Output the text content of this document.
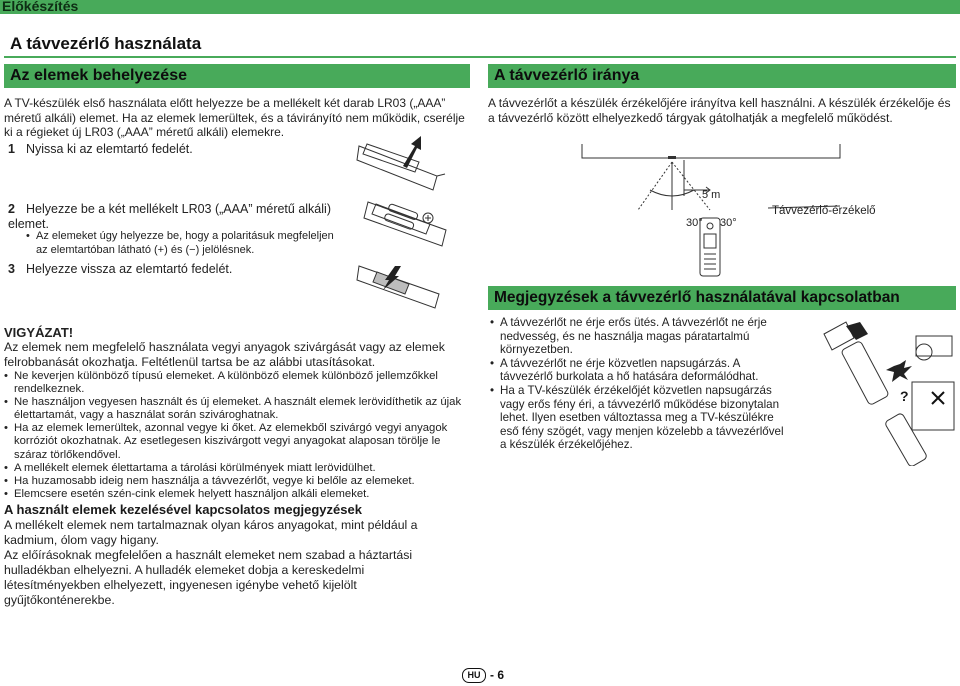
Előkészítés
A távvezérlő használata
Az elemek behelyezése
A TV-készülék első használata előtt helyezze be a mellékelt két darab LR03 („AAA” méretű alkáli) elemet. Ha az elemek lemerültek, és a távirányító nem működik, cserélje ki a régieket új LR03 („AAA” méretű alkáli) elemekre.
1 Nyissa ki az elemtartó fedelét.
2 Helyezze be a két mellékelt LR03 („AAA” méretű alkáli) elemet.
• Az elemeket úgy helyezze be, hogy a polaritásuk megfeleljen az elemtartóban látható (+) és (−) jelölésnek.
3 Helyezze vissza az elemtartó fedelét.
VIGYÁZAT!
Az elemek nem megfelelő használata vegyi anyagok szivárgását vagy az elemek felrobbanását okozhatja. Feltétlenül tartsa be az alábbi utasításokat.
• Ne keverjen különböző típusú elemeket. A különböző elemek különböző jellemzőkkel rendelkeznek.
• Ne használjon vegyesen használt és új elemeket. A használt elemek lerövidíthetik az újak élettartamát, vagy a használat során szivároghatnak.
• Ha az elemek lemerültek, azonnal vegye ki őket. Az elemekből szivárgó vegyi anyagok korróziót okozhatnak. Az esetlegesen kiszivárgott vegyi anyagokat alaposan törölje le száraz törlőkendővel.
• A mellékelt elemek élettartama a tárolási körülmények miatt lerövidülhet.
• Ha huzamosabb ideig nem használja a távvezérlőt, vegye ki belőle az elemeket.
• Elemcsere esetén szén-cink elemek helyett használjon alkáli elemeket.
A használt elemek kezelésével kapcsolatos megjegyzések
A mellékelt elemek nem tartalmaznak olyan káros anyagokat, mint például a kadmium, ólom vagy higany.
Az előírásoknak megfelelően a használt elemeket nem szabad a háztartási hulladékban elhelyezni. A hulladék elemeket dobja a kereskedelmi létesítményekben elhelyezett, ingyenesen igénybe vehető kijelölt gyűjtőkonténerekbe.
A távvezérlő iránya
A távvezérlőt a készülék érzékelőjére irányítva kell használni. A készülék érzékelője és a távvezérlő között elhelyezkedő tárgyak gátolhatják a megfelelő működést.
5 m
30° 30°
Távvezérlő-érzékelő
Megjegyzések a távvezérlő használatával kapcsolatban
• A távvezérlőt ne érje erős ütés. A távvezérlőt ne érje nedvesség, és ne használja magas páratartalmú környezetben.
• A távvezérlőt ne érje közvetlen napsugárzás. A távvezérlő burkolata a hő hatására deformálódhat.
• Ha a TV-készülék érzékelőjét közvetlen napsugárzás vagy erős fény éri, a távvezérlő működése bizonytalan lehet. Ilyen esetben változtassa meg a TV-készülékre eső fény szögét, vagy menjen közelebb a távvezérlővel a készülék érzékelőjéhez.
?
HU - 6
